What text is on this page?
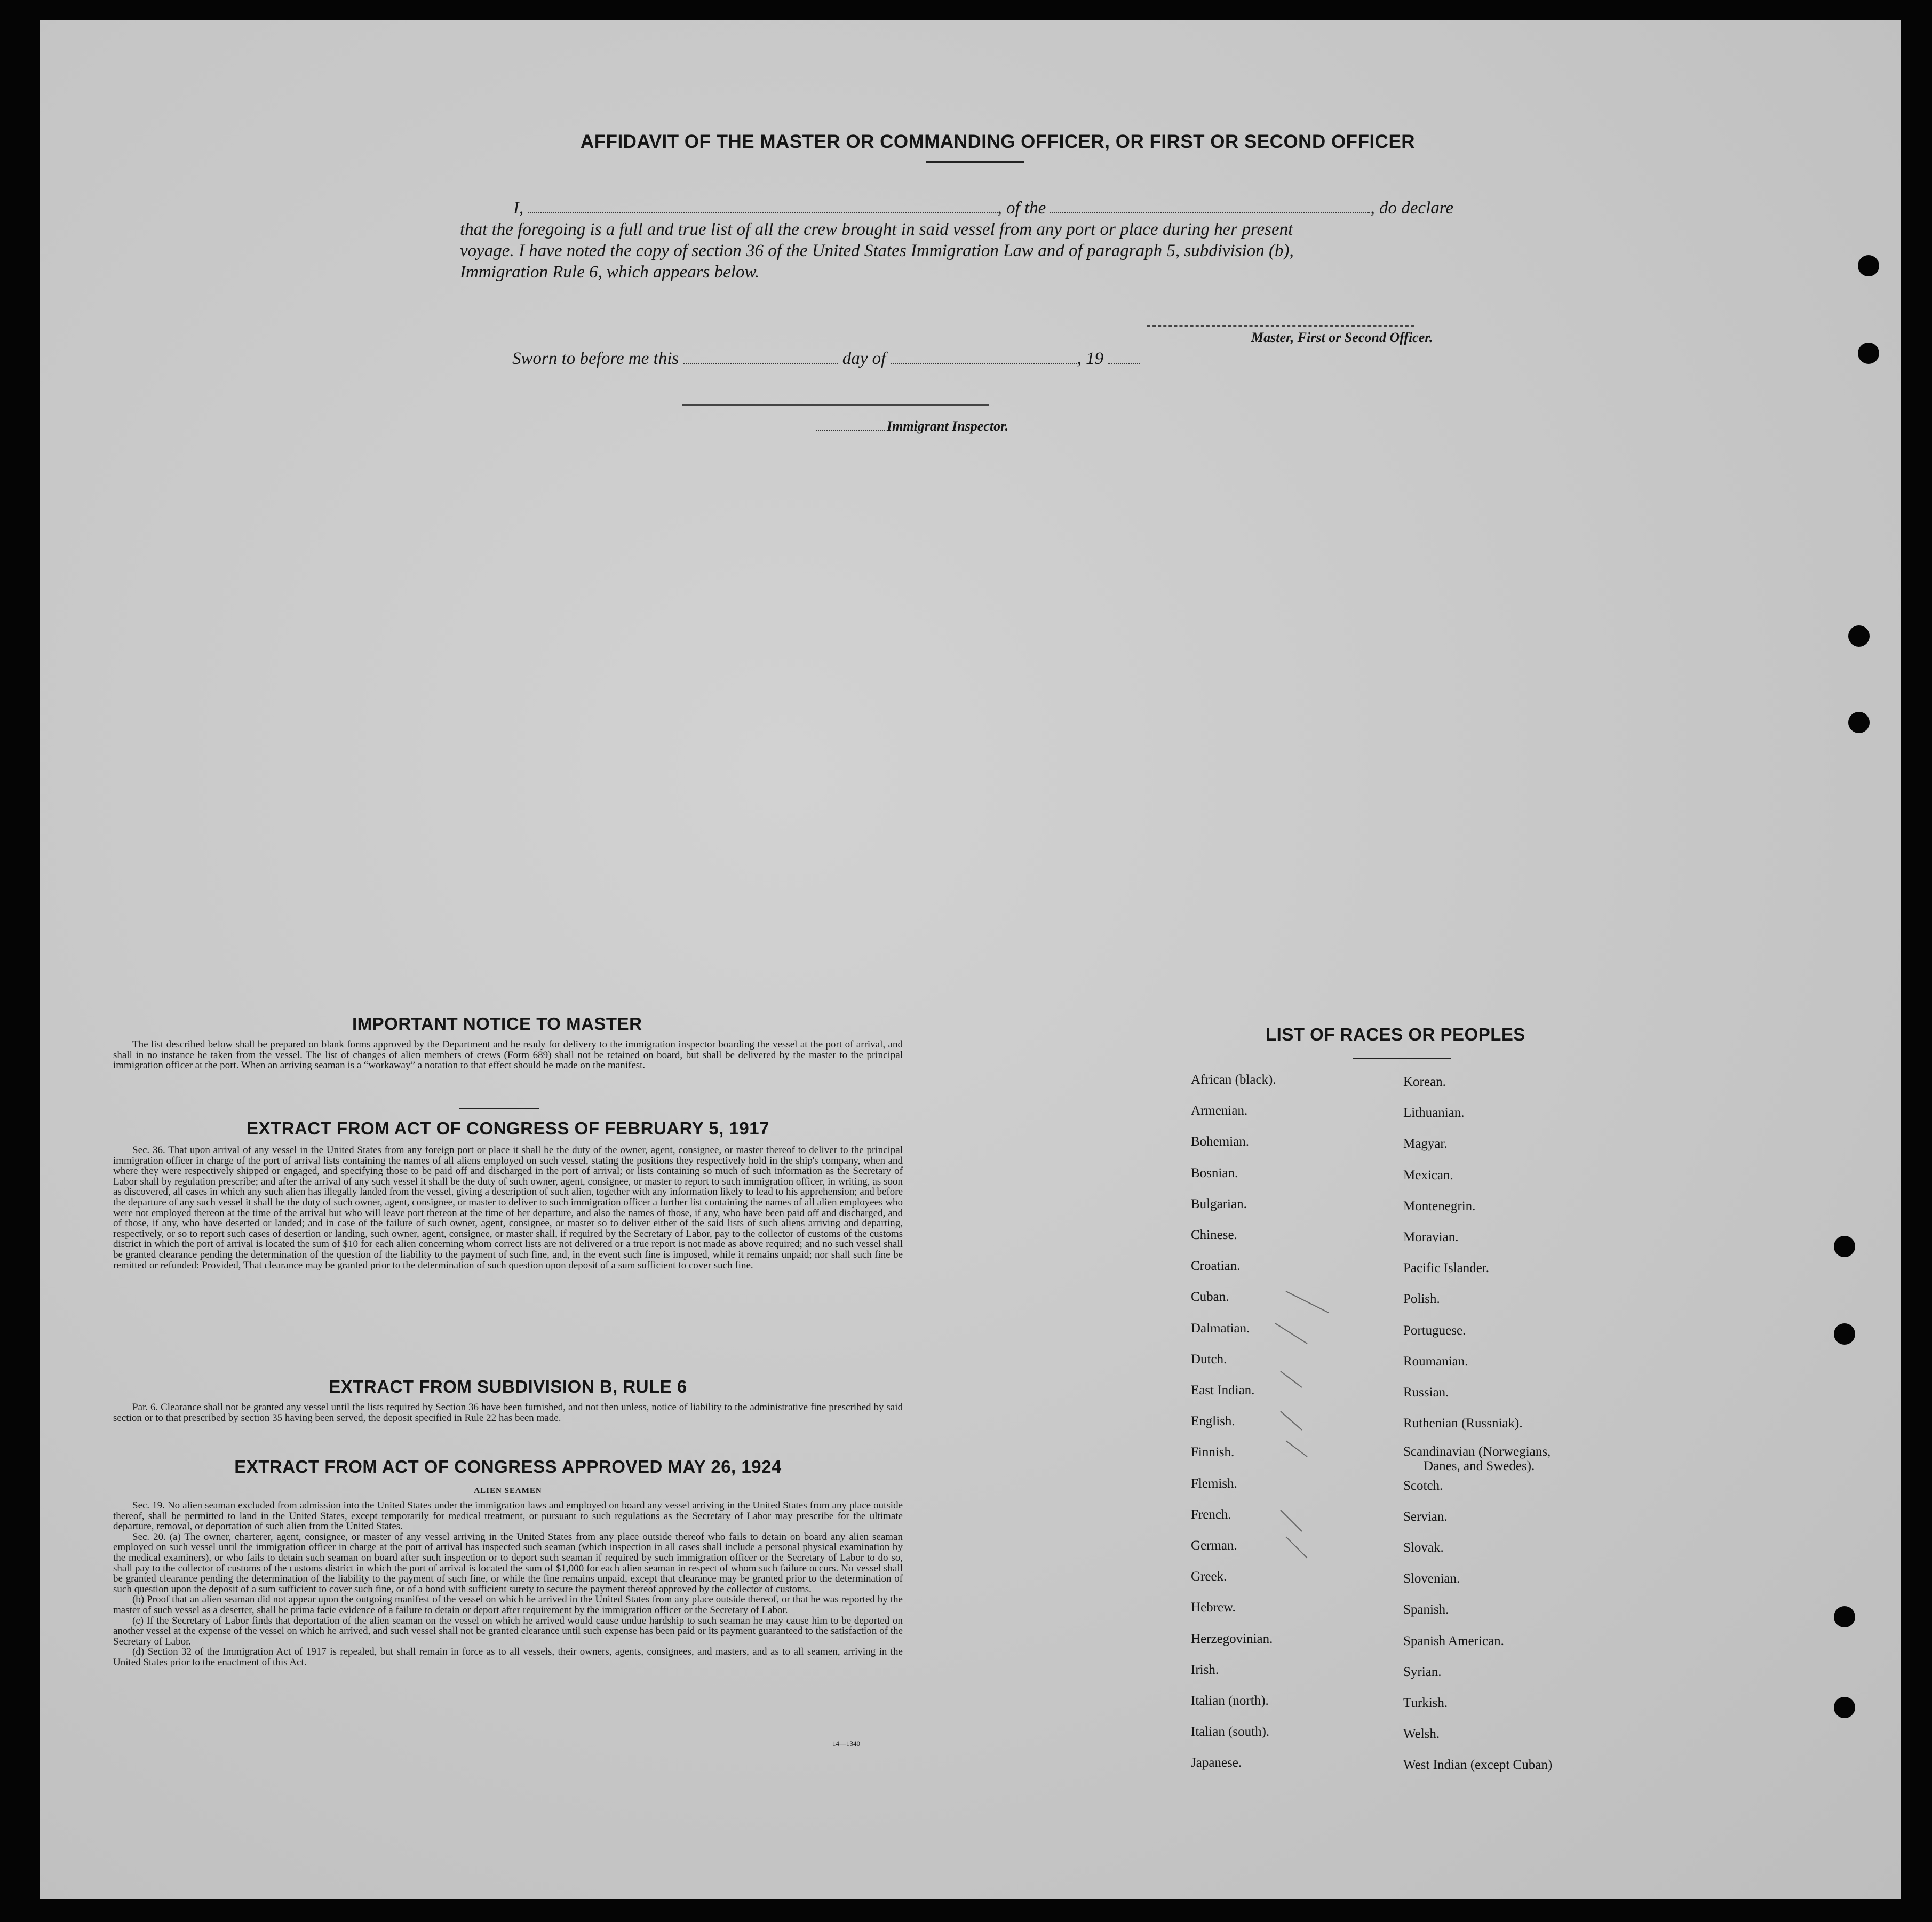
AFFIDAVIT OF THE MASTER OR COMMANDING OFFICER, OR FIRST OR SECOND OFFICER
I,	, of the	, do declare
that the foregoing is a full and true list of all the crew brought in said vessel from any port or place during her present
voyage. I have noted the copy of section 36 of the United States Immigration Law and of paragraph 5, subdivision (b),
Immigration Rule 6, which appears below.
Master, First or Second Officer.
Sworn to before me this	day of	, 19
Immigrant Inspector.
IMPORTANT NOTICE TO MASTER

The list described below shall be prepared on blank forms approved by the Department and be ready for delivery to the immigration inspector boarding the vessel at the port of arrival, and shall in no instance be taken from the vessel. The list of changes of alien members of crews (Form 689) shall not be retained on board, but shall be delivered by the master to the principal immigration officer at the port. When an arriving seaman is a “workaway” a notation to that effect should be made on the manifest.

EXTRACT FROM ACT OF CONGRESS OF FEBRUARY 5, 1917

Sec. 36. That upon arrival of any vessel in the United States from any foreign port or place it shall be the duty of the owner, agent, consignee, or master thereof to deliver to the principal immigration officer in charge of the port of arrival lists containing the names of all aliens employed on such vessel, stating the positions they respectively hold in the ship's company, when and where they were respectively shipped or engaged, and specifying those to be paid off and discharged in the port of arrival; or lists containing so much of such information as the Secretary of Labor shall by regulation prescribe; and after the arrival of any such vessel it shall be the duty of such owner, agent, consignee, or master to report to such immigration officer, in writing, as soon as discovered, all cases in which any such alien has illegally landed from the vessel, giving a description of such alien, together with any information likely to lead to his apprehension; and before the departure of any such vessel it shall be the duty of such owner, agent, consignee, or master to deliver to such immigration officer a further list containing the names of all alien employees who were not employed thereon at the time of the arrival but who will leave port thereon at the time of her departure, and also the names of those, if any, who have been paid off and discharged, and of those, if any, who have deserted or landed; and in case of the failure of such owner, agent, consignee, or master so to deliver either of the said lists of such aliens arriving and departing, respectively, or so to report such cases of desertion or landing, such owner, agent, consignee, or master shall, if required by the Secretary of Labor, pay to the collector of customs of the customs district in which the port of arrival is located the sum of $10 for each alien concerning whom correct lists are not delivered or a true report is not made as above required; and no such vessel shall be granted clearance pending the determination of the question of the liability to the payment of such fine, and, in the event such fine is imposed, while it remains unpaid; nor shall such fine be remitted or refunded: Provided, That clearance may be granted prior to the determination of such question upon deposit of a sum sufficient to cover such fine.

EXTRACT FROM SUBDIVISION B, RULE 6

Par. 6. Clearance shall not be granted any vessel until the lists required by Section 36 have been furnished, and not then unless, notice of liability to the administrative fine prescribed by said section or to that prescribed by section 35 having been served, the deposit specified in Rule 22 has been made.

EXTRACT FROM ACT OF CONGRESS APPROVED MAY 26, 1924
ALIEN SEAMEN

Sec. 19. No alien seaman excluded from admission into the United States under the immigration laws and employed on board any vessel arriving in the United States from any place outside thereof, shall be permitted to land in the United States, except temporarily for medical treatment, or pursuant to such regulations as the Secretary of Labor may prescribe for the ultimate departure, removal, or deportation of such alien from the United States.

Sec. 20. (a) The owner, charterer, agent, consignee, or master of any vessel arriving in the United States from any place outside thereof who fails to detain on board any alien seaman employed on such vessel until the immigration officer in charge at the port of arrival has inspected such seaman (which inspection in all cases shall include a personal physical examination by the medical examiners), or who fails to detain such seaman on board after such inspection or to deport such seaman if required by such immigration officer or the Secretary of Labor to do so, shall pay to the collector of customs of the customs district in which the port of arrival is located the sum of $1,000 for each alien seaman in respect of whom such failure occurs. No vessel shall be granted clearance pending the determination of the liability to the payment of such fine, or while the fine remains unpaid, except that clearance may be granted prior to the determination of such question upon the deposit of a sum sufficient to cover such fine, or of a bond with sufficient surety to secure the payment thereof approved by the collector of customs.

(b) Proof that an alien seaman did not appear upon the outgoing manifest of the vessel on which he arrived in the United States from any place outside thereof, or that he was reported by the master of such vessel as a deserter, shall be prima facie evidence of a failure to detain or deport after requirement by the immigration officer or the Secretary of Labor.

(c) If the Secretary of Labor finds that deportation of the alien seaman on the vessel on which he arrived would cause undue hardship to such seaman he may cause him to be deported on another vessel at the expense of the vessel on which he arrived, and such vessel shall not be granted clearance until such expense has been paid or its payment guaranteed to the satisfaction of the Secretary of Labor.

(d) Section 32 of the Immigration Act of 1917 is repealed, but shall remain in force as to all vessels, their owners, agents, consignees, and masters, and as to all seamen, arriving in the United States prior to the enactment of this Act.

14—1340
LIST OF RACES OR PEOPLES
African (black).
Armenian.
Bohemian.
Bosnian.
Bulgarian.
Chinese.
Croatian.
Cuban.
Dalmatian.
Dutch.
East Indian.
English.
Finnish.
Flemish.
French.
German.
Greek.
Hebrew.
Herzegovinian.
Irish.
Italian (north).
Italian (south).
Japanese.
Korean.
Lithuanian.
Magyar.
Mexican.
Montenegrin.
Moravian.
Pacific Islander.
Polish.
Portuguese.
Roumanian.
Russian.
Ruthenian (Russniak).
Scandinavian (Norwegians,
Danes, and Swedes).
Scotch.
Servian.
Slovak.
Slovenian.
Spanish.
Spanish American.
Syrian.
Turkish.
Welsh.
West Indian (except Cuban)
